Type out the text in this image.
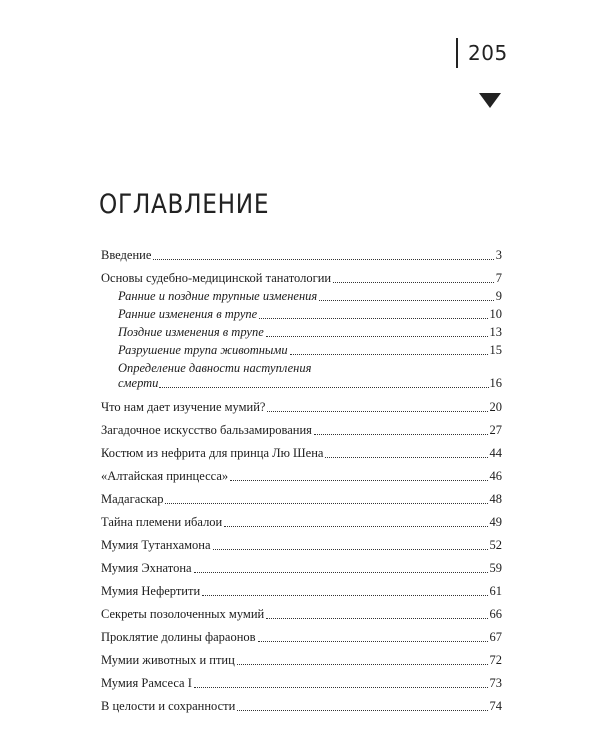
205
ОГЛАВЛЕНИЕ
Введение	3
Основы судебно-медицинской танатологии	7
Ранние и поздние трупные изменения	9
Ранние изменения в трупе	10
Поздние изменения в трупе	13
Разрушение трупа животными	15
Определение давности наступления
смерти	16
Что нам дает изучение мумий?	20
Загадочное искусство бальзамирования	27
Костюм из нефрита для принца Лю Шена	44
«Алтайская принцесса»	46
Мадагаскар	48
Тайна племени ибалои	49
Мумия Тутанхамона	52
Мумия Эхнатона	59
Мумия Нефертити	61
Секреты позолоченных мумий	66
Проклятие долины фараонов	67
Мумии животных и птиц	72
Мумия Рамсеса I	73
В целости и сохранности	74
